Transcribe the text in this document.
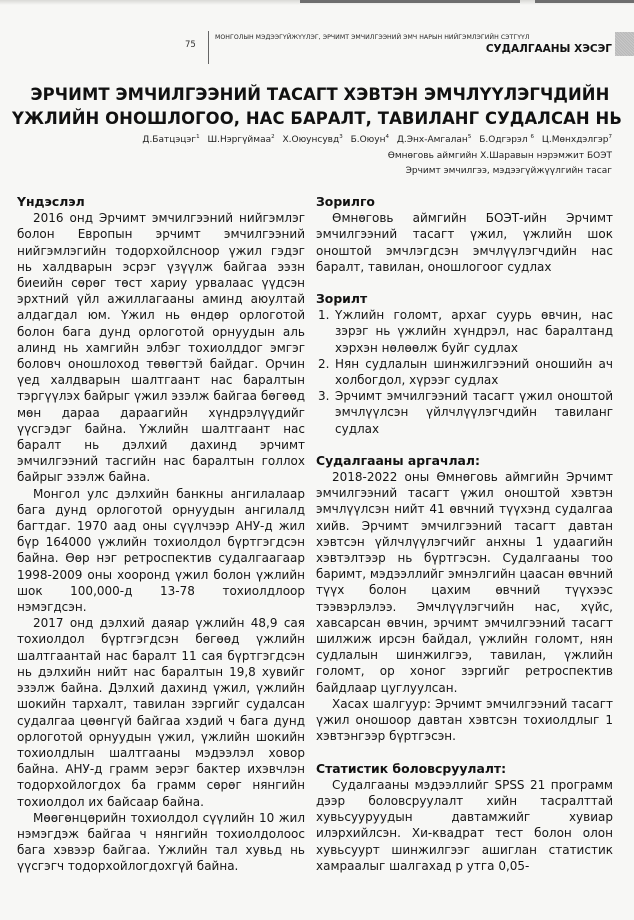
75
МОНГОЛЫН МЭДЭЭГҮЙЖҮҮЛЭГ, ЭРЧИМТ ЭМЧИЛГЭЭНИЙ ЭМЧ НАРЫН НИЙГЭМЛЭГИЙН СЭТГҮҮЛ
СУДАЛГААНЫ ХЭСЭГ
ЭРЧИМТ ЭМЧИЛГЭЭНИЙ ТАСАГТ ХЭВТЭН ЭМЧЛҮҮЛЭГЧДИЙН
ҮЖЛИЙН ОНОШЛОГОО, НАС БАРАЛТ, ТАВИЛАНГ СУДАЛСАН НЬ
Д.Батцэцэг$^1$ Ш.Нэргүймаа$^2$ Х.Оюунсувд$^3$ Б.Оюун$^4$ Д.Энх-Амгалан$^5$ Б.Одгэрэл $^6$ Ц.Мөнхдэлгэр$^7$
Өмнөговь аймгийн Х.Шаравын нэрэмжит БОЭТ
Эрчимт эмчилгээ, мэдээгүйжүүлгийн тасаг
Үндэслэл

2016 онд Эрчимт эмчилгээний нийгэмлэг болон Европын эрчимт эмчилгээний нийгэмлэгийн тодорхойлсноор үжил гэдэг нь халдварын эсрэг үзүүлж байгаа ээзн биеийн сөрөг төст хариу урвалаас үүдсэн эрхтний үйл ажиллагааны аминд аюултай алдагдал юм. Үжил нь өндөр орлоготой болон бага дунд орлоготой орнуудын аль алинд нь хамгийн элбэг тохиолддог эмгэг боловч оношлоход төвөгтэй байдаг. Орчин үед халдварын шалтгаант нас баралтын тэргүүлэх байрыг үжил эзэлж байгаа бөгөөд мөн дараа дараагийн хүндрэлүүдийг үүсгэдэг байна. Үжлийн шалтгаант нас баралт нь дэлхий дахинд эрчимт эмчилгээний тасгийн нас баралтын голлох байрыг эзэлж байна.

Монгол улс дэлхийн банкны ангилалаар бага дунд орлоготой орнуудын ангилалд багтдаг. 1970 аад оны сүүлчээр АНУ-д жил бүр 164000 үжлийн тохиолдол бүртгэгдсэн байна. Өөр нэг ретроспектив судалгаагаар 1998-2009 оны хооронд үжил болон үжлийн шок 100,000-д 13-78 тохиолдлоор нэмэгдсэн.

2017 онд дэлхий даяар үжлийн 48,9 сая тохиолдол бүртгэгдсэн бөгөөд үжлийн шалтгаантай нас баралт 11 сая бүртгэгдсэн нь дэлхийн нийт нас баралтын 19,8 хувийг эзэлж байна. Дэлхий дахинд үжил, үжлийн шокийн тархалт, тавилан зэргийг судалсан судалгаа цөөнгүй байгаа хэдий ч бага дунд орлоготой орнуудын үжил, үжлийн шокийн тохиолдлын шалтгааны мэдээлэл ховор байна. АНУ-д грамм эерэг бактер ихэвчлэн тодорхойлогдох ба грамм сөрөг нянгийн тохиолдол их байсаар байна.

Мөөгөнцөрийн тохиолдол сүүлийн 10 жил нэмэгдэж байгаа ч нянгийн тохиолдолоос бага хэвээр байгаа. Үжлийн тал хувьд нь үүсгэгч тодорхойлогдохгүй байна.

Зорилго

Өмнөговь аймгийн БОЭТ-ийн Эрчимт эмчилгээний тасагт үжил, үжлийн шок оноштой эмчлэгдсэн эмчлүүлэгчдийн нас баралт, тавилан, оношлогоог судлах

Зорилт
1. Үжлийн голомт, архаг суурь өвчин, нас зэрэг нь үжлийн хүндрэл, нас баралтанд хэрхэн нөлөөлж буйг судлах
2. Нян судлалын шинжилгээний оношийн ач холбогдол, хүрээг судлах
3. Эрчимт эмчилгээний тасагт үжил оноштой эмчлүүлсэн үйлчлүүлэгчдийн тавиланг судлах
Судалгааны аргачлал:

2018-2022 оны Өмнөговь аймгийн Эрчимт эмчилгээний тасагт үжил оноштой хэвтэн эмчлүүлсэн нийт 41 өвчний түүхэнд судалгаа хийв. Эрчимт эмчилгээний тасагт давтан хэвтсэн үйлчлүүлэгчийг анхны 1 удаагийн хэвтэлтээр нь бүртгэсэн. Судалгааны тоо баримт, мэдээллийг эмнэлгийн цаасан өвчний түүх болон цахим өвчний түүхээс тээвэрлэлээ. Эмчлүүлэгчийн нас, хүйс, хавсарсан өвчин, эрчимт эмчилгээний тасагт шилжиж ирсэн байдал, үжлийн голомт, нян судлалын шинжилгээ, тавилан, үжлийн голомт, ор хоног зэргийг ретроспектив байдлаар цуглуулсан.

Хасах шалгуур: Эрчимт эмчилгээний тасагт үжил оношоор давтан хэвтсэн тохиолдлыг 1 хэвтэнгээр бүртгэсэн.

Статистик боловсруулалт:

Судалгааны мэдээллийг SPSS 21 программ дээр боловсруулалт хийн тасралттай хувьсууруудын давтамжийг хувиар илэрхийлсэн. Хи-квадрат тест болон олон хувьсуурт шинжилгээг ашиглан статистик хамраалыг шалгахад p утга 0,05-
